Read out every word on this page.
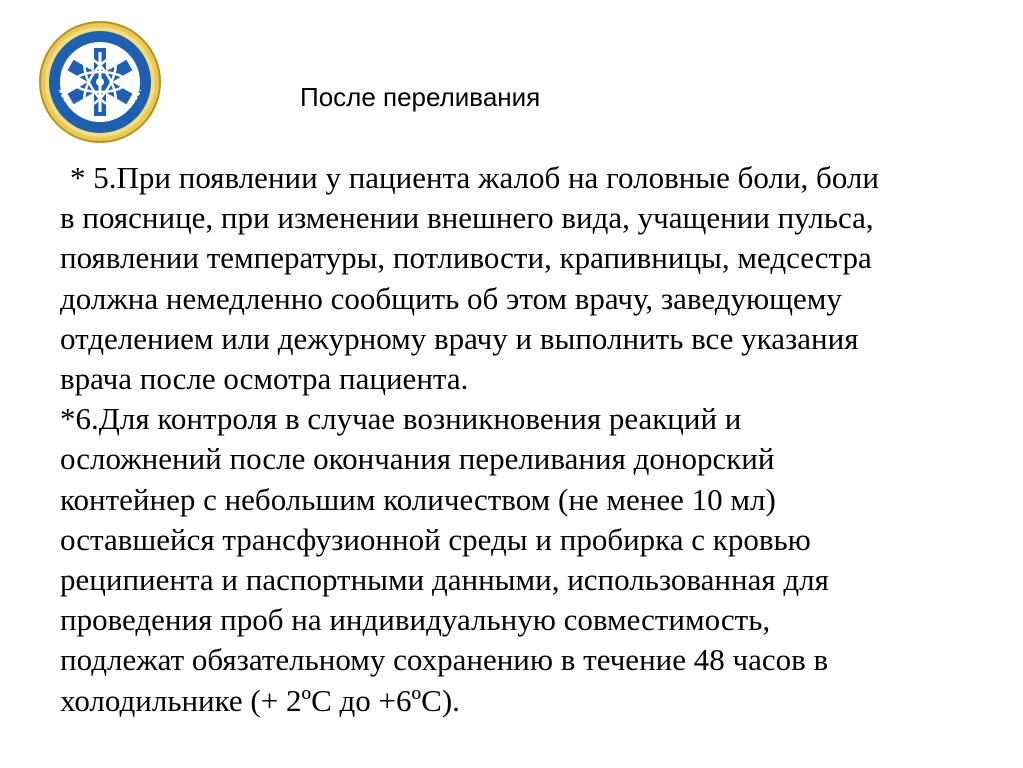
После переливания

* 5.При появлении у пациента жалоб на головные боли, боли
в пояснице, при изменении внешнего вида, учащении пульса,
появлении температуры, потливости, крапивницы, медсестра
должна немедленно сообщить об этом врачу, заведующему
отделением или дежурному врачу и выполнить все указания
врача после осмотра пациента.

*6.Для контроля в случае возникновения реакций и
осложнений после окончания переливания донорский
контейнер с небольшим количеством (не менее 10 мл)
оставшейся трансфузионной среды и пробирка с кровью
реципиента и паспортными данными, использованная для
проведения проб на индивидуальную совместимость,
подлежат обязательному сохранению в течение 48 часов в
холодильнике (+ 2ºC до +6ºC).
